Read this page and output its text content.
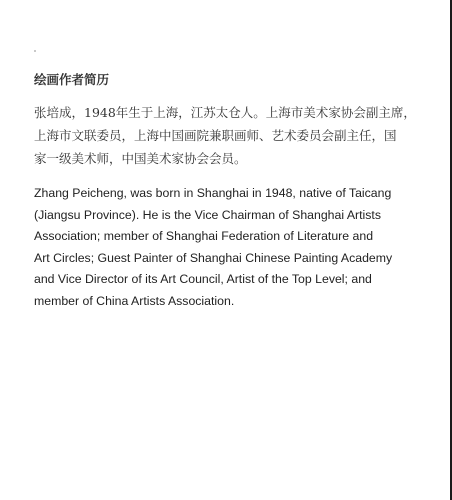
绘画作者简历

张培成，1948年生于上海，江苏太仓人。上海市美术家协会副主席，
上海市文联委员，上海中国画院兼职画师、艺术委员会副主任，国
家一级美术师，中国美术家协会会员。

Zhang Peicheng, was born in Shanghai in 1948, native of Taicang
(Jiangsu Province). He is the Vice Chairman of Shanghai Artists
Association; member of Shanghai Federation of Literature and
Art Circles; Guest Painter of Shanghai Chinese Painting Academy
and Vice Director of its Art Council, Artist of the Top Level; and
member of China Artists Association.
